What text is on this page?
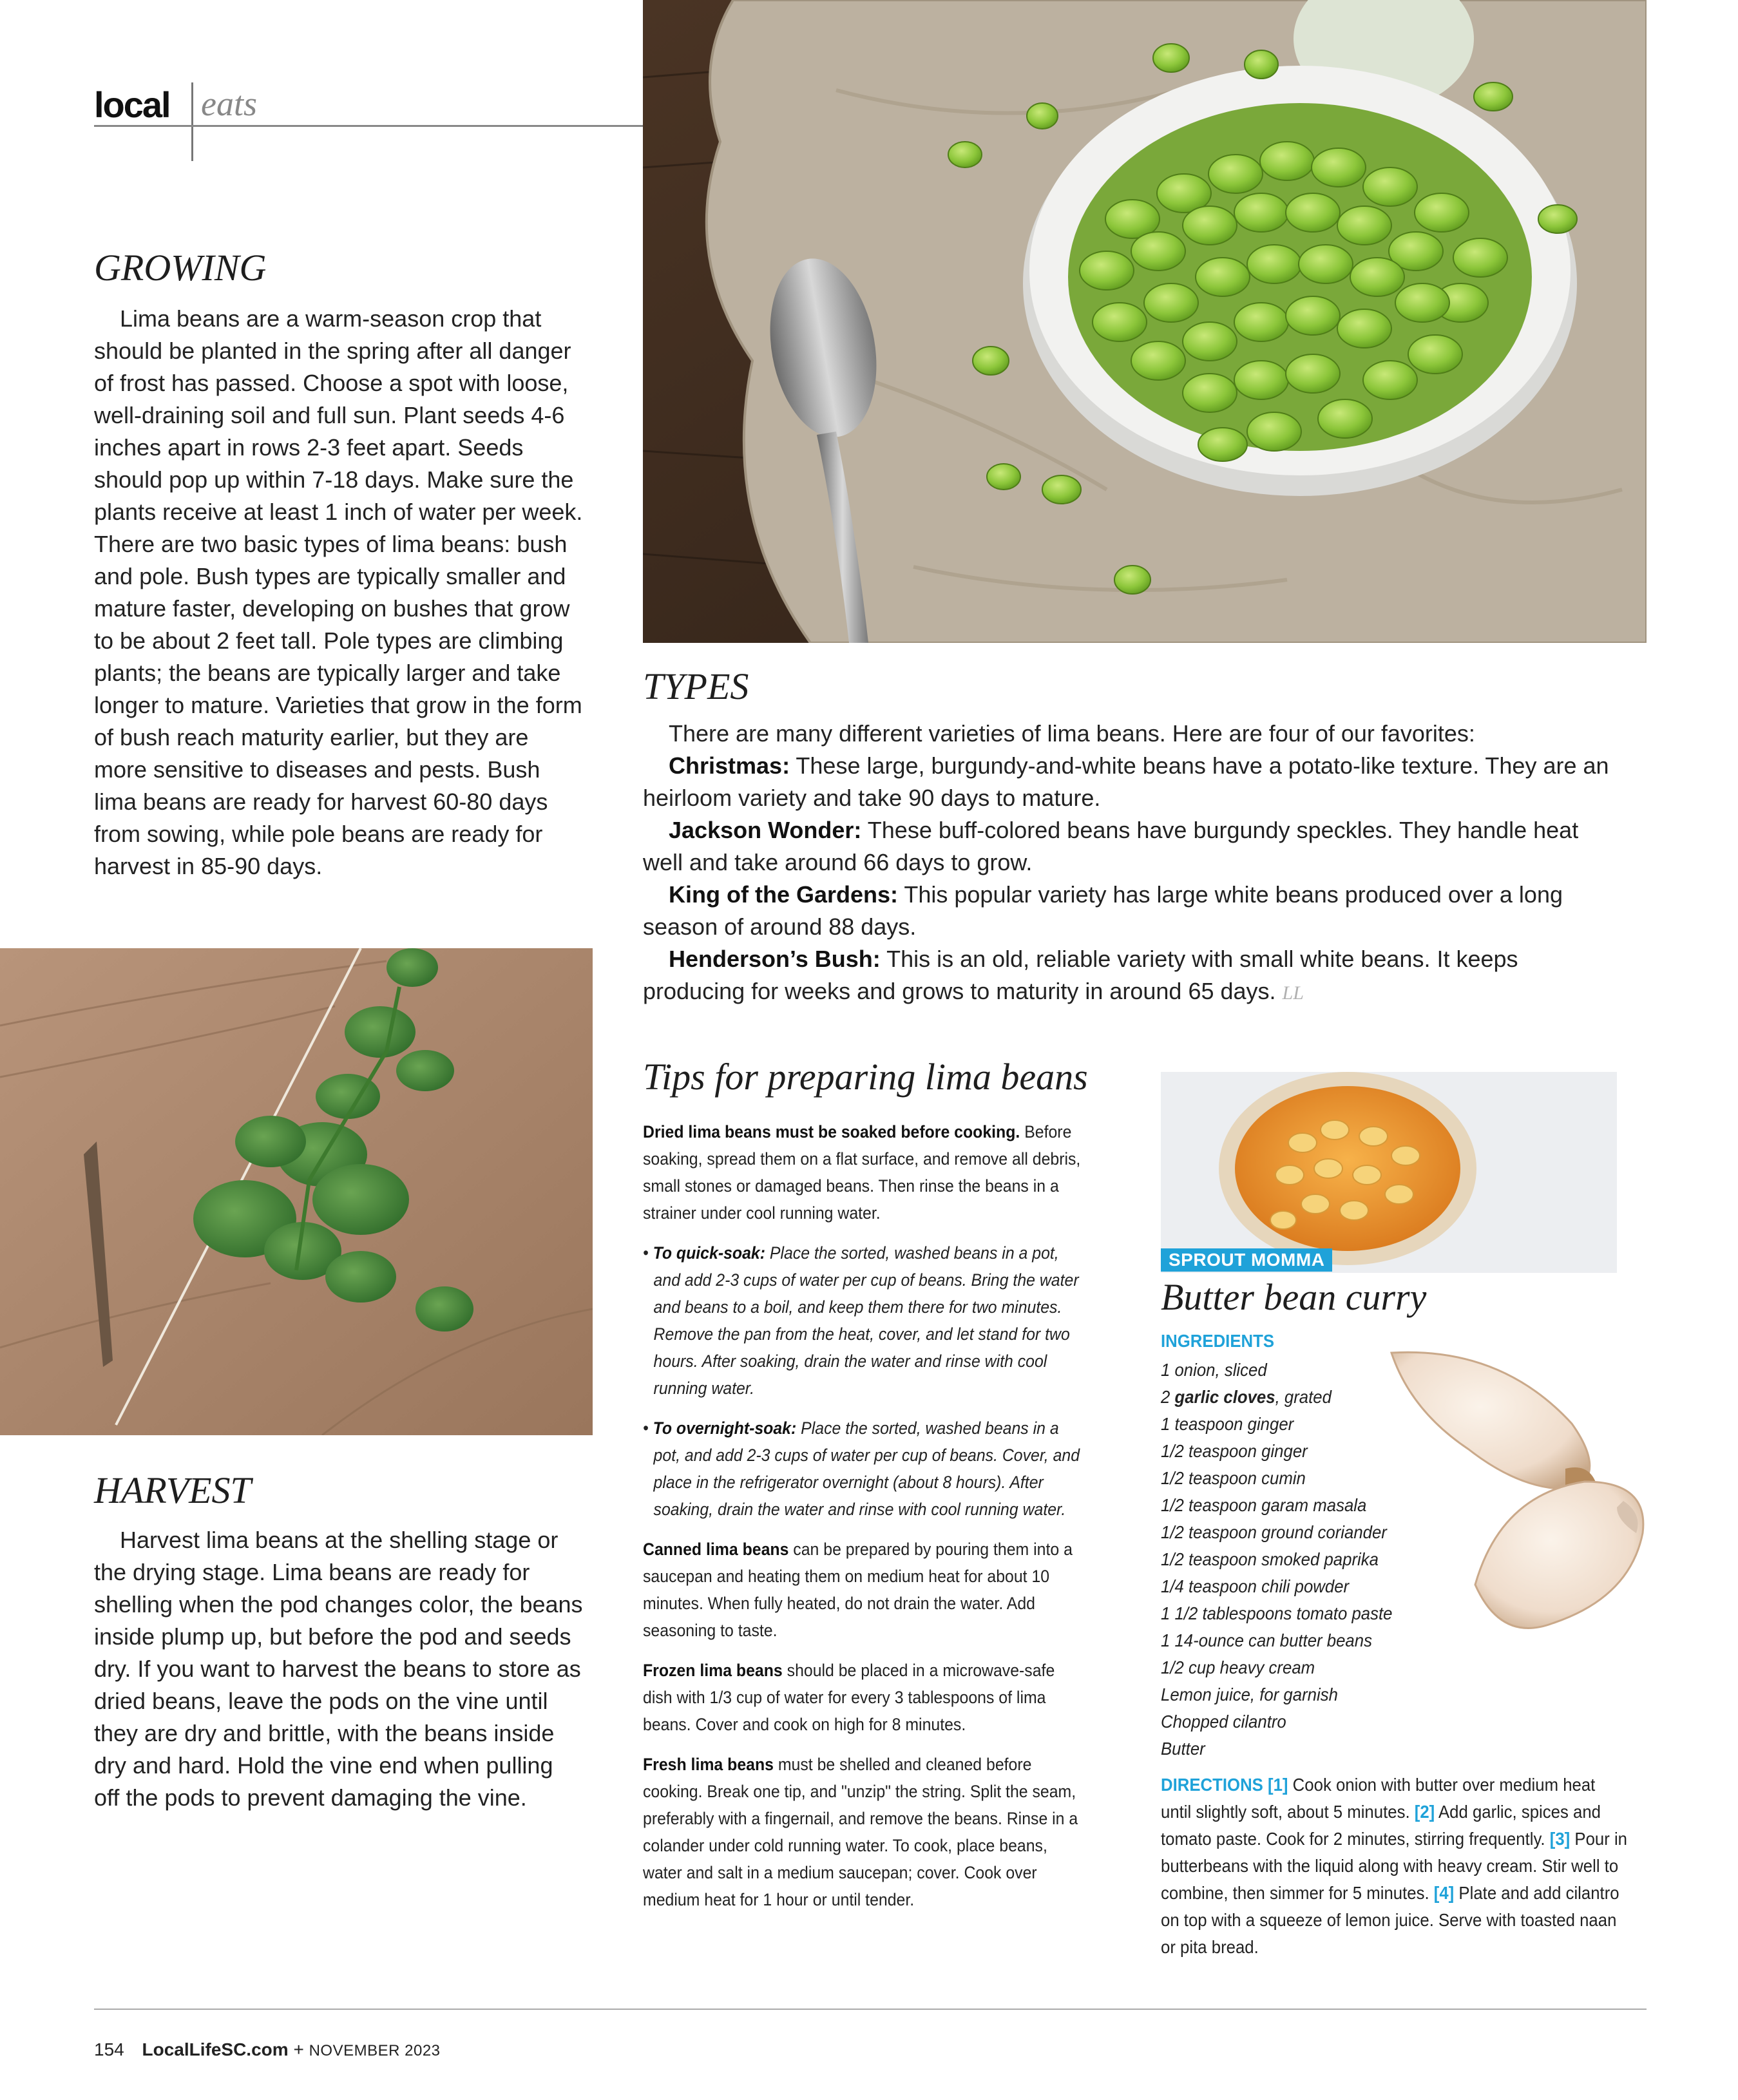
local eats
GROWING

Lima beans are a warm-season crop that should be planted in the spring after all danger of frost has passed. Choose a spot with loose, well-draining soil and full sun. Plant seeds 4-6 inches apart in rows 2-3 feet apart. Seeds should pop up within 7-18 days. Make sure the plants receive at least 1 inch of water per week. There are two basic types of lima beans: bush and pole. Bush types are typically smaller and mature faster, developing on bushes that grow to be about 2 feet tall. Pole types are climbing plants; the beans are typically larger and take longer to mature. Varieties that grow in the form of bush reach maturity earlier, but they are more sensitive to diseases and pests. Bush lima beans are ready for harvest 60-80 days from sowing, while pole beans are ready for harvest in 85-90 days.

TYPES

There are many different varieties of lima beans. Here are four of our favorites:

Christmas: These large, burgundy-and-white beans have a potato-like texture. They are an heirloom variety and take 90 days to mature.

Jackson Wonder: These buff-colored beans have burgundy speckles. They handle heat well and take around 66 days to grow.

King of the Gardens: This popular variety has large white beans produced over a long season of around 88 days.

Henderson’s Bush: This is an old, reliable variety with small white beans. It keeps producing for weeks and grows to maturity in around 65 days. LL

HARVEST

Harvest lima beans at the shelling stage or the drying stage. Lima beans are ready for shelling when the pod changes color, the beans inside plump up, but before the pod and seeds dry. If you want to harvest the beans to store as dried beans, leave the pods on the vine until they are dry and brittle, with the beans inside dry and hard. Hold the vine end when pulling off the pods to prevent damaging the vine.

Tips for preparing lima beans

Dried lima beans must be soaked before cooking. Before soaking, spread them on a flat surface, and remove all debris, small stones or damaged beans. Then rinse the beans in a strainer under cool running water.

• To quick-soak: Place the sorted, washed beans in a pot, and add 2-3 cups of water per cup of beans. Bring the water and beans to a boil, and keep them there for two minutes. Remove the pan from the heat, cover, and let stand for two hours. After soaking, drain the water and rinse with cool running water.
• To overnight-soak: Place the sorted, washed beans in a pot, and add 2-3 cups of water per cup of beans. Cover, and place in the refrigerator overnight (about 8 hours). After soaking, drain the water and rinse with cool running water.

Canned lima beans can be prepared by pouring them into a saucepan and heating them on medium heat for about 10 minutes. When fully heated, do not drain the water. Add seasoning to taste.

Frozen lima beans should be placed in a microwave-safe dish with 1/3 cup of water for every 3 tablespoons of lima beans. Cover and cook on high for 8 minutes.

Fresh lima beans must be shelled and cleaned before cooking. Break one tip, and "unzip" the string. Split the seam, preferably with a fingernail, and remove the beans. Rinse in a colander under cold running water. To cook, place beans, water and salt in a medium saucepan; cover. Cook over medium heat for 1 hour or until tender.

SPROUT MOMMA
Butter bean curry
INGREDIENTS
1 onion, sliced
2 garlic cloves, grated
1 teaspoon ginger
1/2 teaspoon ginger
1/2 teaspoon cumin
1/2 teaspoon garam masala
1/2 teaspoon ground coriander
1/2 teaspoon smoked paprika
1/4 teaspoon chili powder
1 1/2 tablespoons tomato paste
1 14-ounce can butter beans
1/2 cup heavy cream
Lemon juice, for garnish
Chopped cilantro
Butter
DIRECTIONS [1] Cook onion with butter over medium heat until slightly soft, about 5 minutes. [2] Add garlic, spices and tomato paste. Cook for 2 minutes, stirring frequently. [3] Pour in butterbeans with the liquid along with heavy cream. Stir well to combine, then simmer for 5 minutes. [4] Plate and add cilantro on top with a squeeze of lemon juice. Serve with toasted naan or pita bread.
154 LocalLifeSC.com + NOVEMBER 2023
